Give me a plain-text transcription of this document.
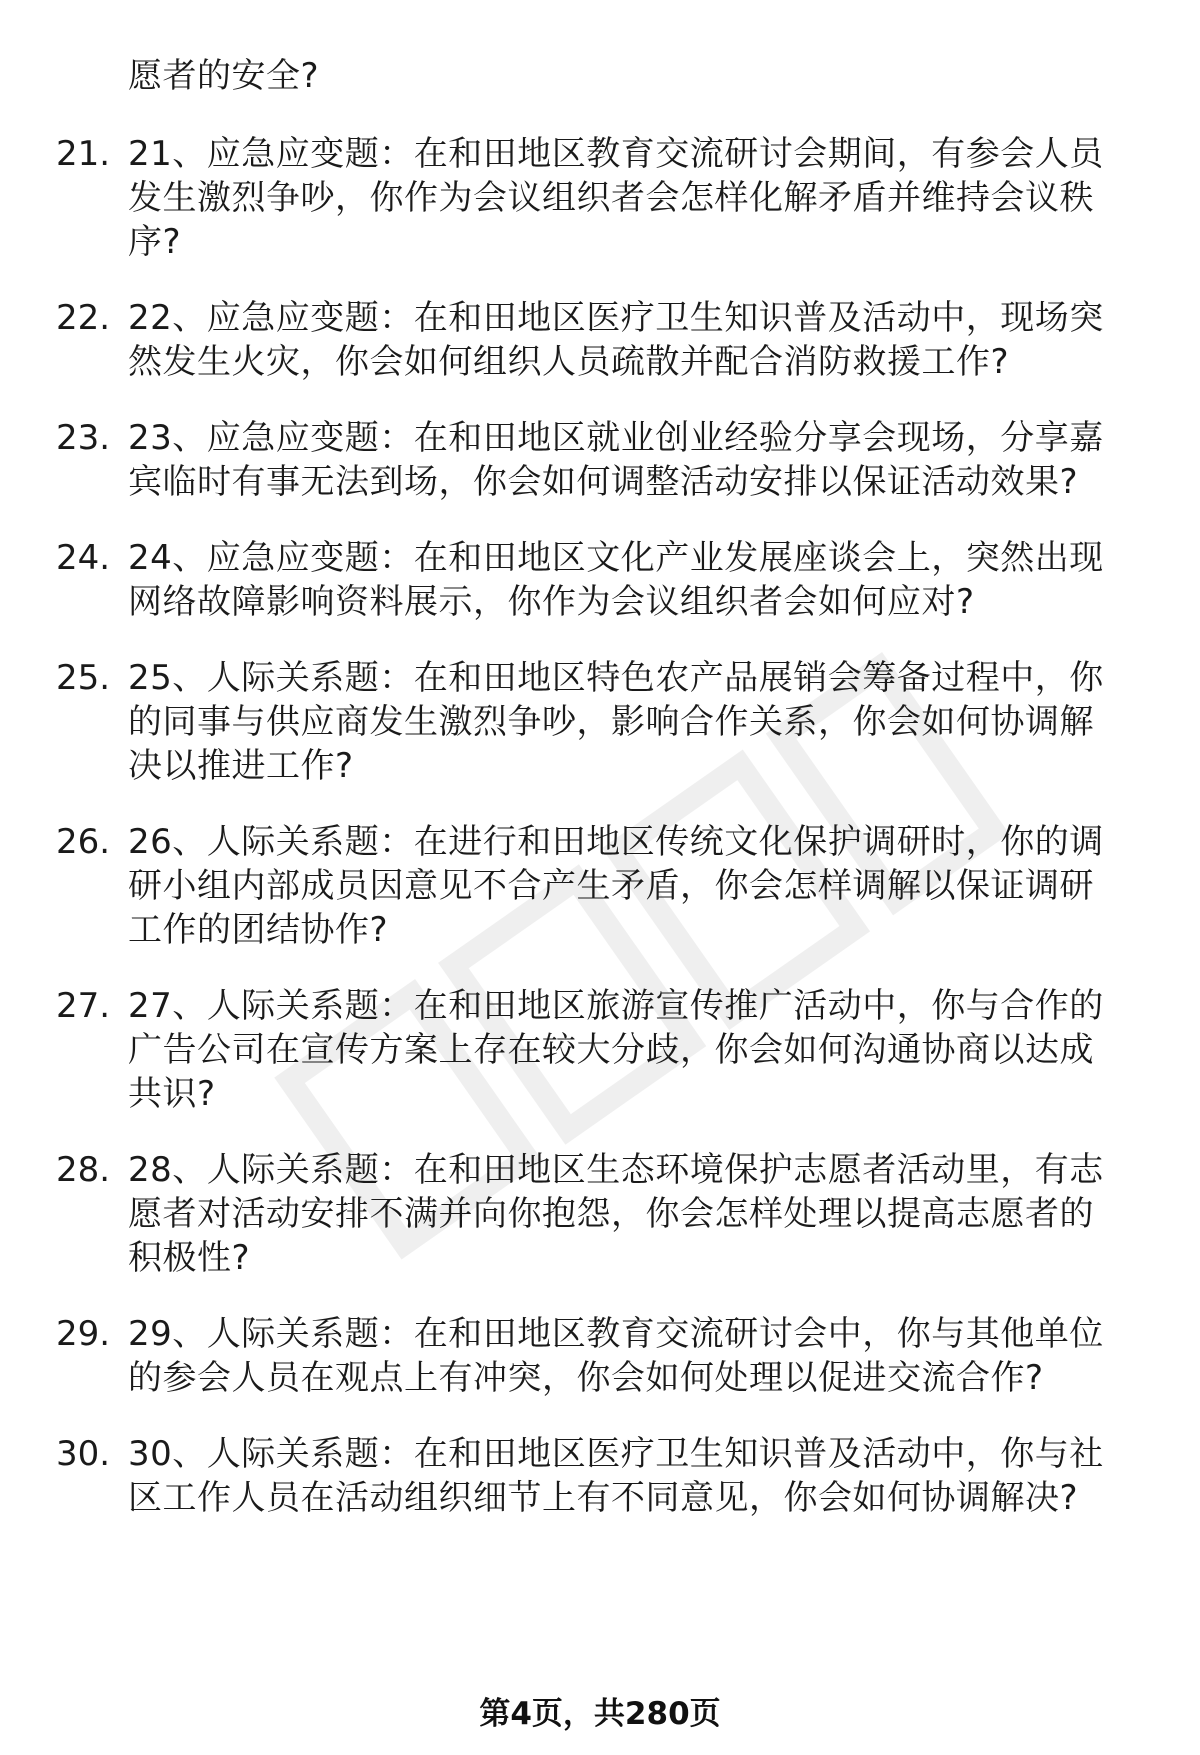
愿者的安全?
21. 21、应急应变题：在和田地区教育交流研讨会期间，有参会人员
发生激烈争吵，你作为会议组织者会怎样化解矛盾并维持会议秩
序?
22. 22、应急应变题：在和田地区医疗卫生知识普及活动中，现场突
然发生火灾，你会如何组织人员疏散并配合消防救援工作?
23. 23、应急应变题：在和田地区就业创业经验分享会现场，分享嘉
宾临时有事无法到场，你会如何调整活动安排以保证活动效果?
24. 24、应急应变题：在和田地区文化产业发展座谈会上，突然出现
网络故障影响资料展示，你作为会议组织者会如何应对?
25. 25、人际关系题：在和田地区特色农产品展销会筹备过程中，你
的同事与供应商发生激烈争吵，影响合作关系，你会如何协调解
决以推进工作?
26. 26、人际关系题：在进行和田地区传统文化保护调研时，你的调
研小组内部成员因意见不合产生矛盾，你会怎样调解以保证调研
工作的团结协作?
27. 27、人际关系题：在和田地区旅游宣传推广活动中，你与合作的
广告公司在宣传方案上存在较大分歧，你会如何沟通协商以达成
共识?
28. 28、人际关系题：在和田地区生态环境保护志愿者活动里，有志
愿者对活动安排不满并向你抱怨，你会怎样处理以提高志愿者的
积极性?
29. 29、人际关系题：在和田地区教育交流研讨会中，你与其他单位
的参会人员在观点上有冲突，你会如何处理以促进交流合作?
30. 30、人际关系题：在和田地区医疗卫生知识普及活动中，你与社
区工作人员在活动组织细节上有不同意见，你会如何协调解决?
第4页，共280页
